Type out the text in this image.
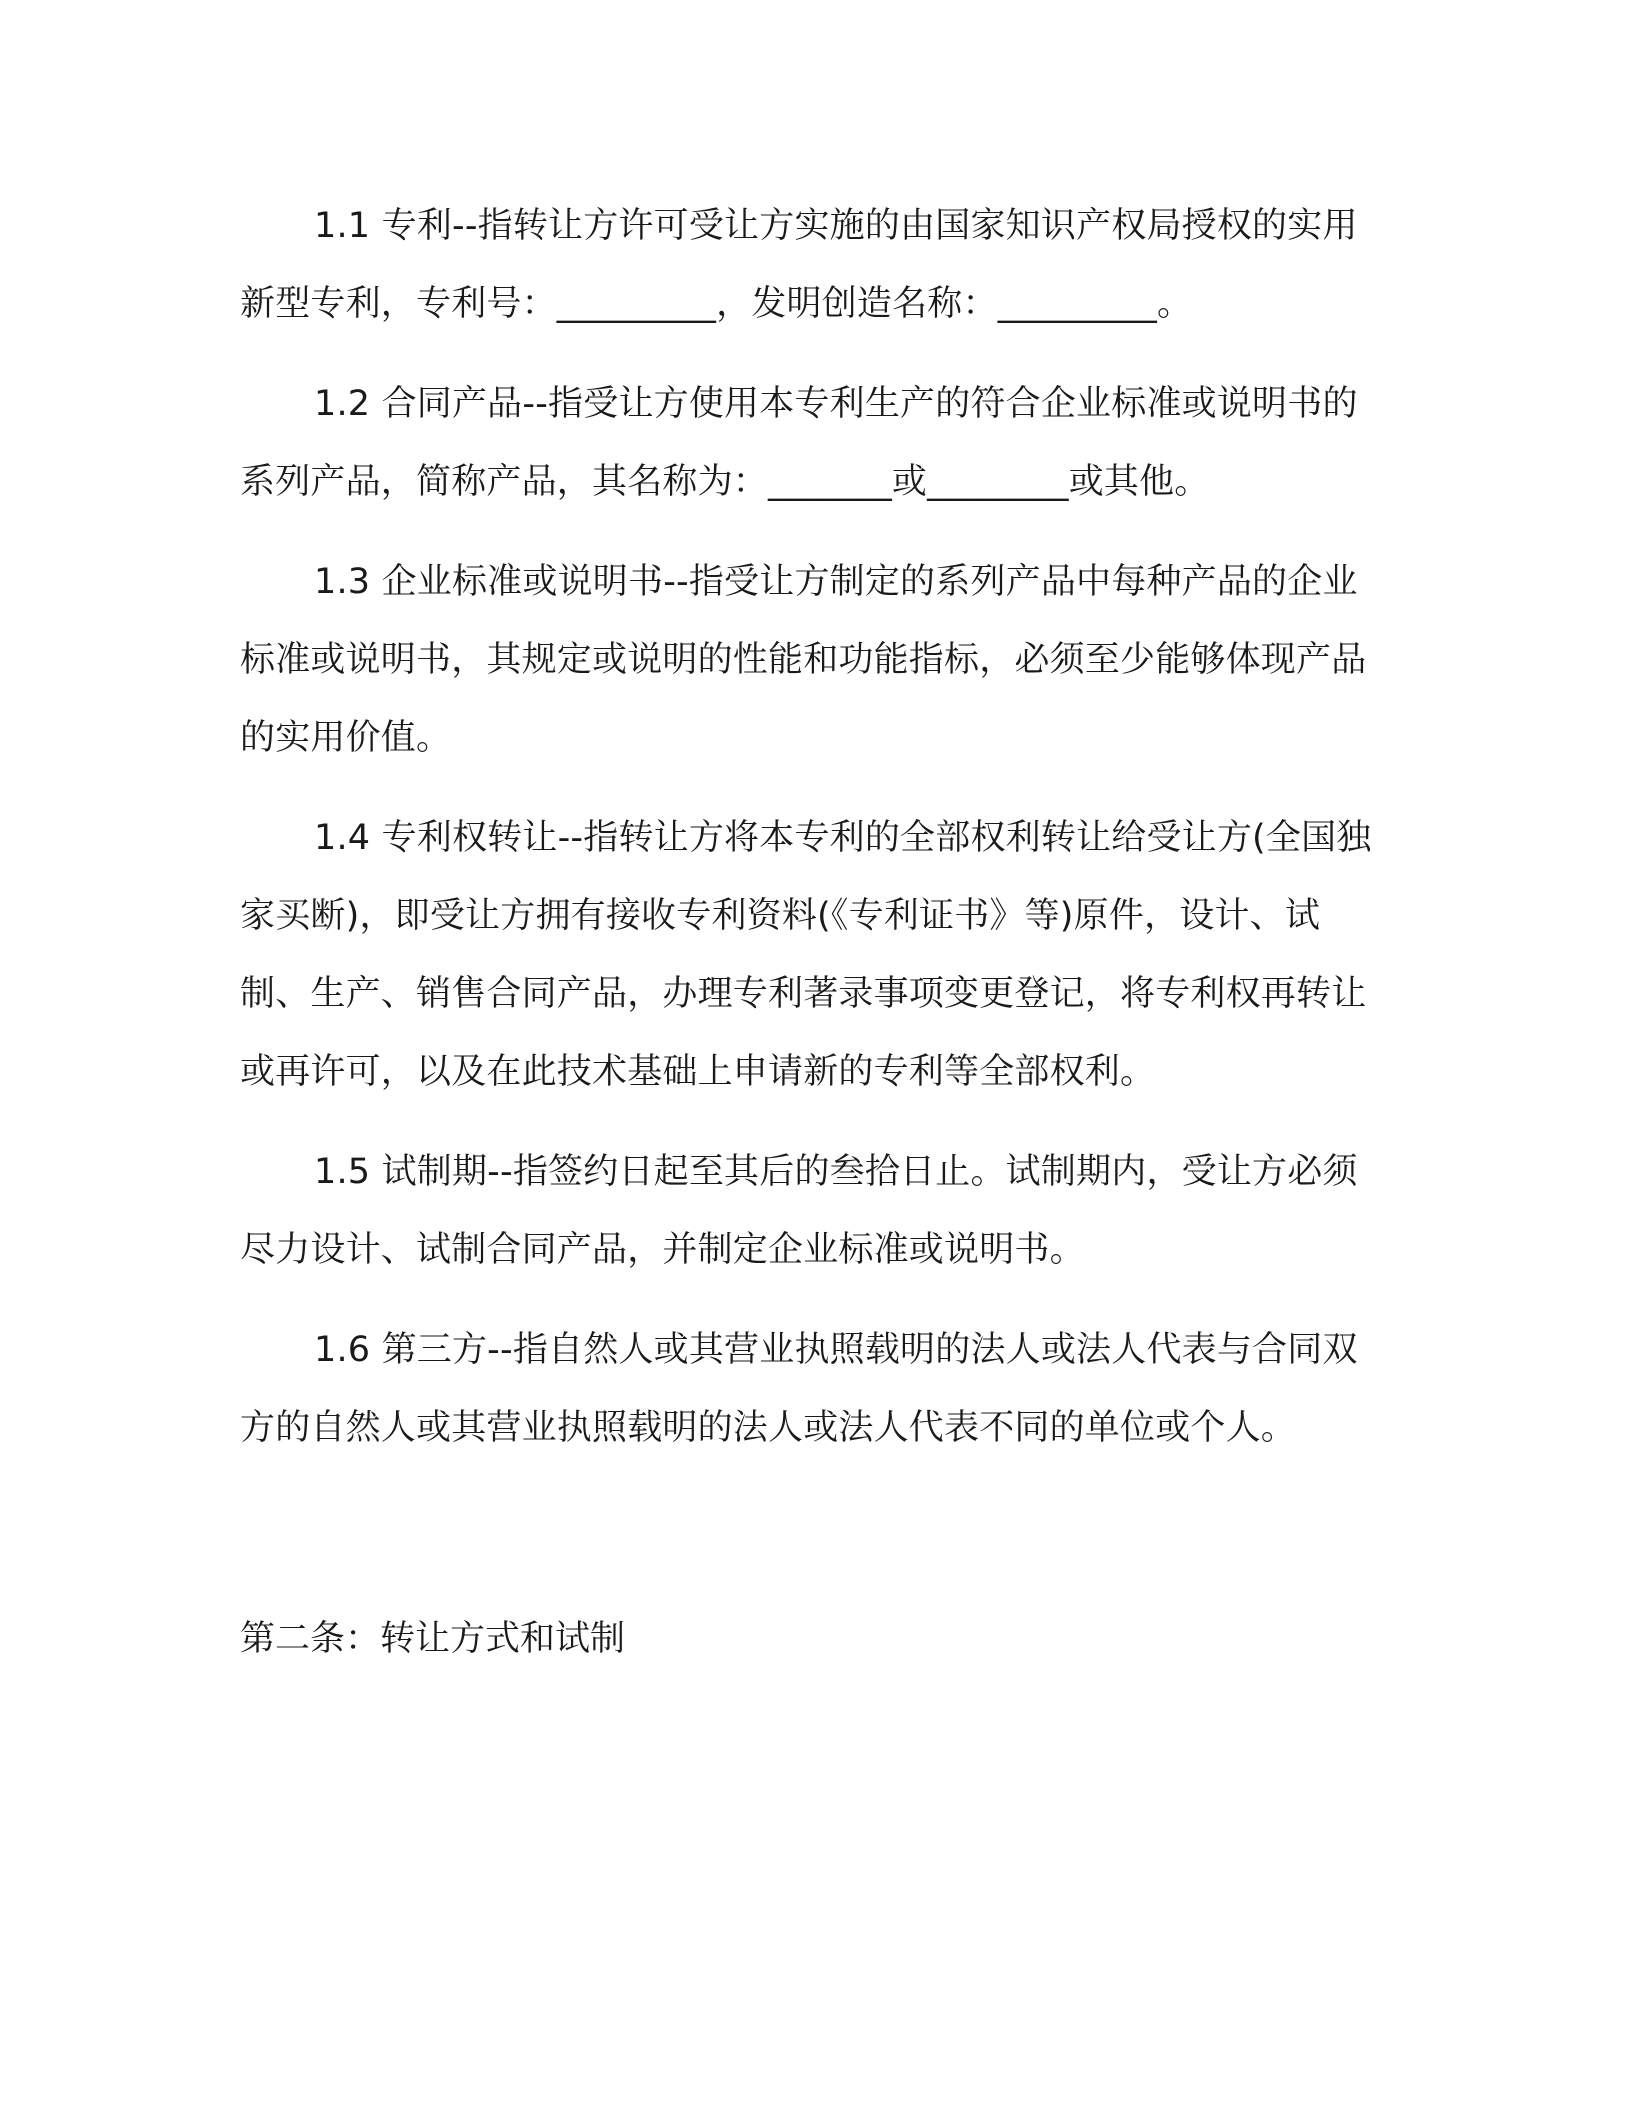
1.1 专利--指转让方许可受让方实施的由国家知识产权局授权的实用新型专利，专利号：_________，发明创造名称：_________。

1.2 合同产品--指受让方使用本专利生产的符合企业标准或说明书的系列产品，简称产品，其名称为：_______或________或其他。

1.3 企业标准或说明书--指受让方制定的系列产品中每种产品的企业标准或说明书，其规定或说明的性能和功能指标，必须至少能够体现产品的实用价值。

1.4 专利权转让--指转让方将本专利的全部权利转让给受让方(全国独家买断)，即受让方拥有接收专利资料(《专利证书》等)原件，设计、试制、生产、销售合同产品，办理专利著录事项变更登记，将专利权再转让或再许可，以及在此技术基础上申请新的专利等全部权利。

1.5 试制期--指签约日起至其后的叁拾日止。试制期内，受让方必须尽力设计、试制合同产品，并制定企业标准或说明书。

1.6 第三方--指自然人或其营业执照载明的法人或法人代表与合同双方的自然人或其营业执照载明的法人或法人代表不同的单位或个人。

第二条：转让方式和试制
